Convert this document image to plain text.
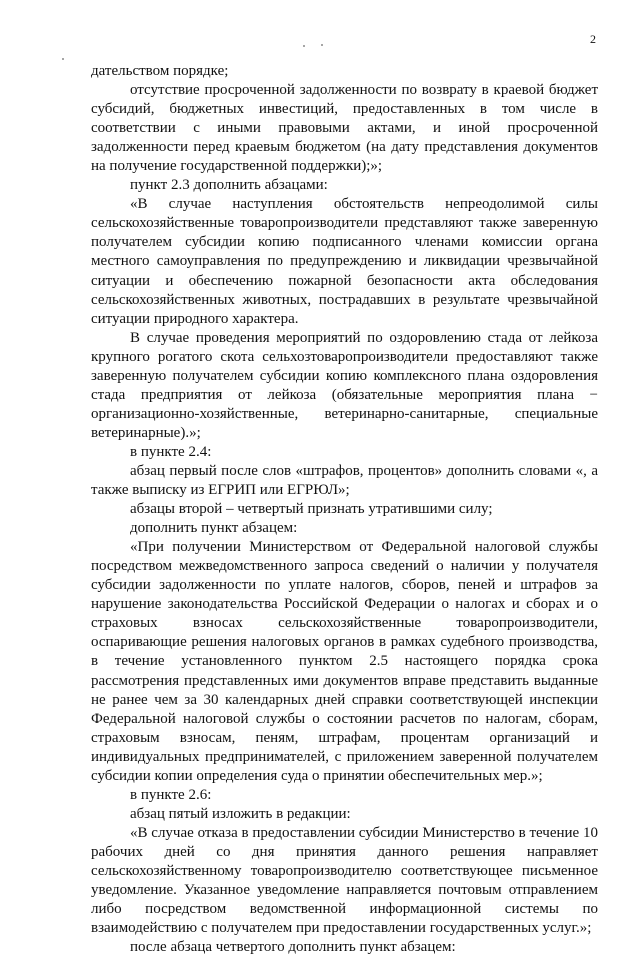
2

дательством порядке;

отсутствие просроченной задолженности по возврату в краевой бюджет субсидий, бюджетных инвестиций, предоставленных в том числе в соответствии с иными правовыми актами, и иной просроченной задолженности перед краевым бюджетом (на дату представления документов на получение государственной поддержки);»;

пункт 2.3 дополнить абзацами:

«В случае наступления обстоятельств непреодолимой силы сельскохозяйственные товаропроизводители представляют также заверенную получателем субсидии копию подписанного членами комиссии органа местного самоуправления по предупреждению и ликвидации чрезвычайной ситуации и обеспечению пожарной безопасности акта обследования сельскохозяйственных животных, пострадавших в результате чрезвычайной ситуации природного характера.

В случае проведения мероприятий по оздоровлению стада от лейкоза крупного рогатого скота сельхозтоваропроизводители предоставляют также заверенную получателем субсидии копию комплексного плана оздоровления стада предприятия от лейкоза (обязательные мероприятия плана − организационно-хозяйственные, ветеринарно-санитарные, специальные ветеринарные).»;

в пункте 2.4:

абзац первый после слов «штрафов, процентов» дополнить словами «, а также выписку из ЕГРИП или ЕГРЮЛ»;

абзацы второй – четвертый признать утратившими силу;

дополнить пункт абзацем:

«При получении Министерством от Федеральной налоговой службы посредством межведомственного запроса сведений о наличии у получателя субсидии задолженности по уплате налогов, сборов, пеней и штрафов за нарушение законодательства Российской Федерации о налогах и сборах и о страховых взносах сельскохозяйственные товаропроизводители, оспаривающие решения налоговых органов в рамках судебного производства, в течение установленного пунктом 2.5 настоящего порядка срока рассмотрения представленных ими документов вправе представить выданные не ранее чем за 30 календарных дней справки соответствующей инспекции Федеральной налоговой службы о состоянии расчетов по налогам, сборам, страховым взносам, пеням, штрафам, процентам организаций и индивидуальных предпринимателей, с приложением заверенной получателем субсидии копии определения суда о принятии обеспечительных мер.»;

в пункте 2.6:

абзац пятый изложить в редакции:

«В случае отказа в предоставлении субсидии Министерство в течение 10 рабочих дней со дня принятия данного решения направляет сельскохозяйственному товаропроизводителю соответствующее письменное уведомление. Указанное уведомление направляется почтовым отправлением либо посредством ведомственной информационной системы по взаимодействию с получателем при предоставлении государственных услуг.»;

после абзаца четвертого дополнить пункт абзацем:
